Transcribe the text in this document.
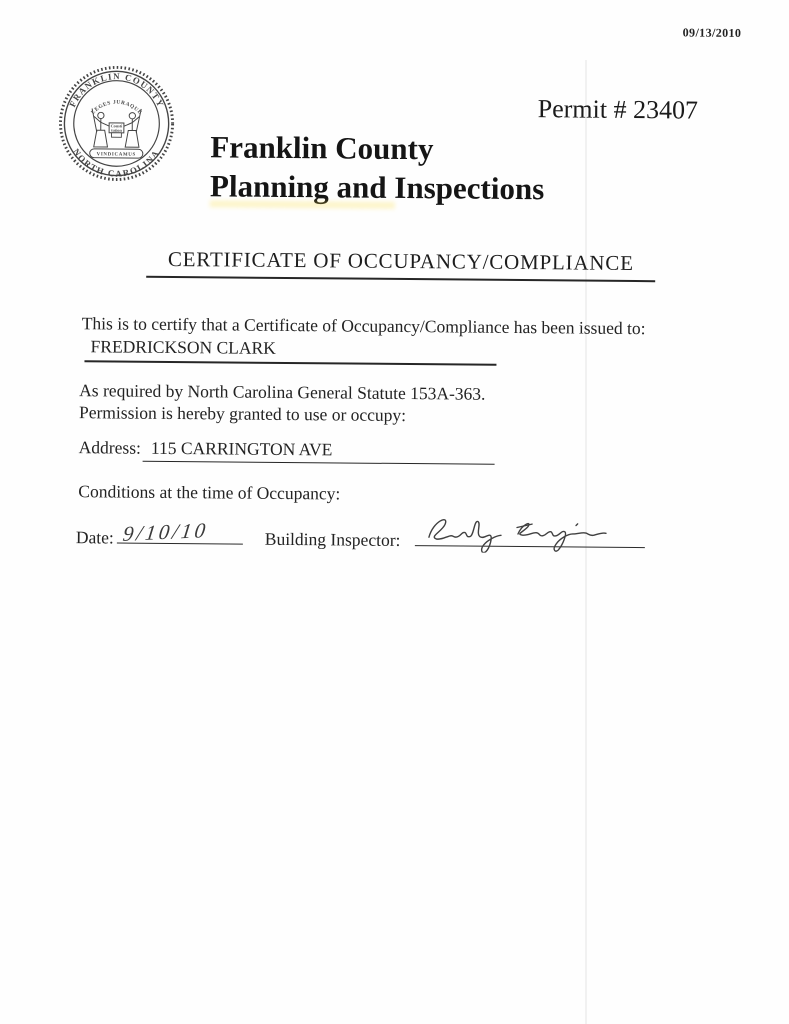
09/13/2010
FRANKLIN COUNTY
NORTH CAROLINA
LEGES JURAQUE
Consti
tution
VINDICAMUS
Permit # 23407
Franklin County
Planning and Inspections
CERTIFICATE OF OCCUPANCY/COMPLIANCE
This is to certify that a Certificate of Occupancy/Compliance has been issued to:
FREDRICKSON CLARK
As required by North Carolina General Statute 153A-363.
Permission is hereby granted to use or occupy:
Address: 115 CARRINGTON AVE
Conditions at the time of Occupancy:
Date: 9/10/10	Building Inspector:
